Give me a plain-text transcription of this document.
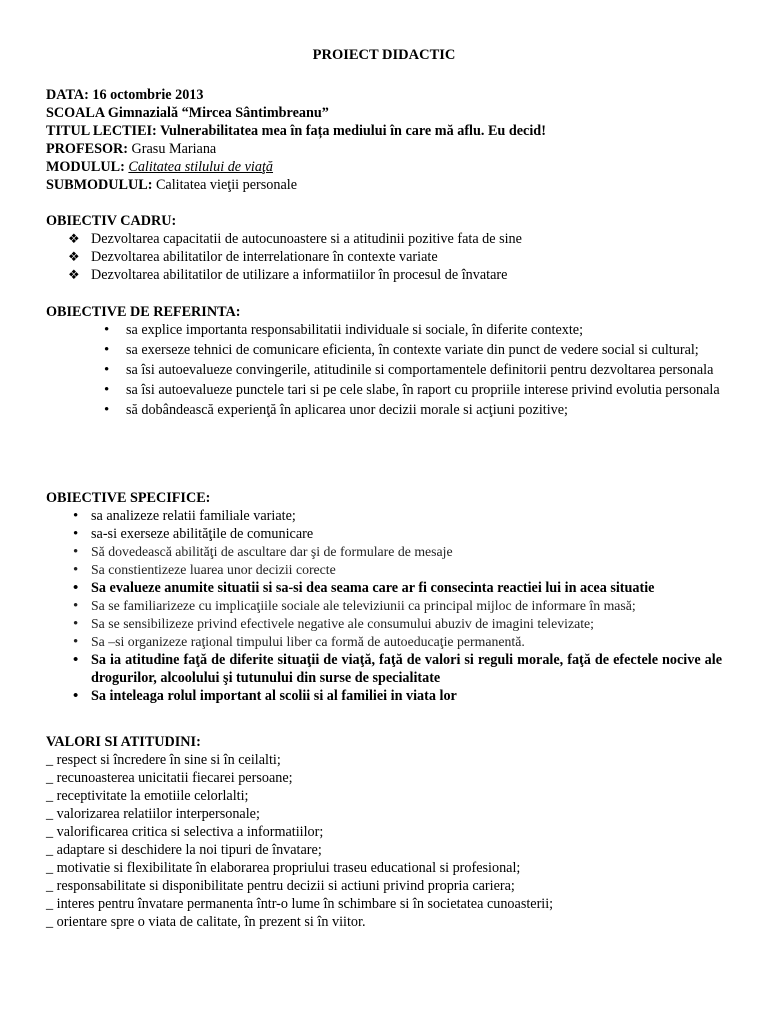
PROIECT DIDACTIC
DATA: 16 octombrie 2013
SCOALA Gimnazială “Mircea Sântimbreanu”
TITUL LECTIEI: Vulnerabilitatea mea în fața mediului în care mă aflu. Eu decid!
PROFESOR: Grasu Mariana
MODULUL: Calitatea stilului de viaţă
SUBMODULUL: Calitatea vieţii personale
OBIECTIV CADRU:
❖ Dezvoltarea capacitatii de autocunoastere si a atitudinii pozitive fata de sine
❖ Dezvoltarea abilitatilor de interrelationare în contexte variate
❖ Dezvoltarea abilitatilor de utilizare a informatiilor în procesul de învatare
OBIECTIVE DE REFERINTA:
• sa explice importanta responsabilitatii individuale si sociale, în diferite contexte;
• sa exerseze tehnici de comunicare eficienta, în contexte variate din punct de vedere social si cultural;
• sa îsi autoevalueze convingerile, atitudinile si comportamentele definitorii pentru dezvoltarea personala
• sa îsi autoevalueze punctele tari si pe cele slabe, în raport cu propriile interese privind evolutia personala
• să dobândească experienţă în aplicarea unor decizii morale si acţiuni pozitive;
OBIECTIVE SPECIFICE:
• sa analizeze relatii familiale variate;
• sa-si exerseze abilităţile de comunicare
• Să dovedească abilităţi de ascultare dar şi de formulare de mesaje
• Sa constientizeze luarea unor decizii corecte
• Sa evalueze anumite situatii si sa-si dea seama care ar fi consecinta reactiei lui in acea situatie
• Sa se familiarizeze cu implicaţiile sociale ale televiziunii ca principal mijloc de informare în masă;
• Sa se sensibilizeze privind efectivele negative ale consumului abuziv de imagini televizate;
• Sa –si organizeze raţional timpului liber ca formă de autoeducaţie permanentă.
• Sa ia atitudine faţă de diferite situaţii de viaţă, faţă de valori si reguli morale, faţă de efectele nocive ale drogurilor, alcoolului şi tutunului din surse de specialitate
• Sa inteleaga rolul important al scolii si al familiei in viata lor
VALORI SI ATITUDINI:
_ respect si încredere în sine si în ceilalti;
_ recunoasterea unicitatii fiecarei persoane;
_ receptivitate la emotiile celorlalti;
_ valorizarea relatiilor interpersonale;
_ valorificarea critica si selectiva a informatiilor;
_ adaptare si deschidere la noi tipuri de învatare;
_ motivatie si flexibilitate în elaborarea propriului traseu educational si profesional;
_ responsabilitate si disponibilitate pentru decizii si actiuni privind propria cariera;
_ interes pentru învatare permanenta într-o lume în schimbare si în societatea cunoasterii;
_ orientare spre o viata de calitate, în prezent si în viitor.
